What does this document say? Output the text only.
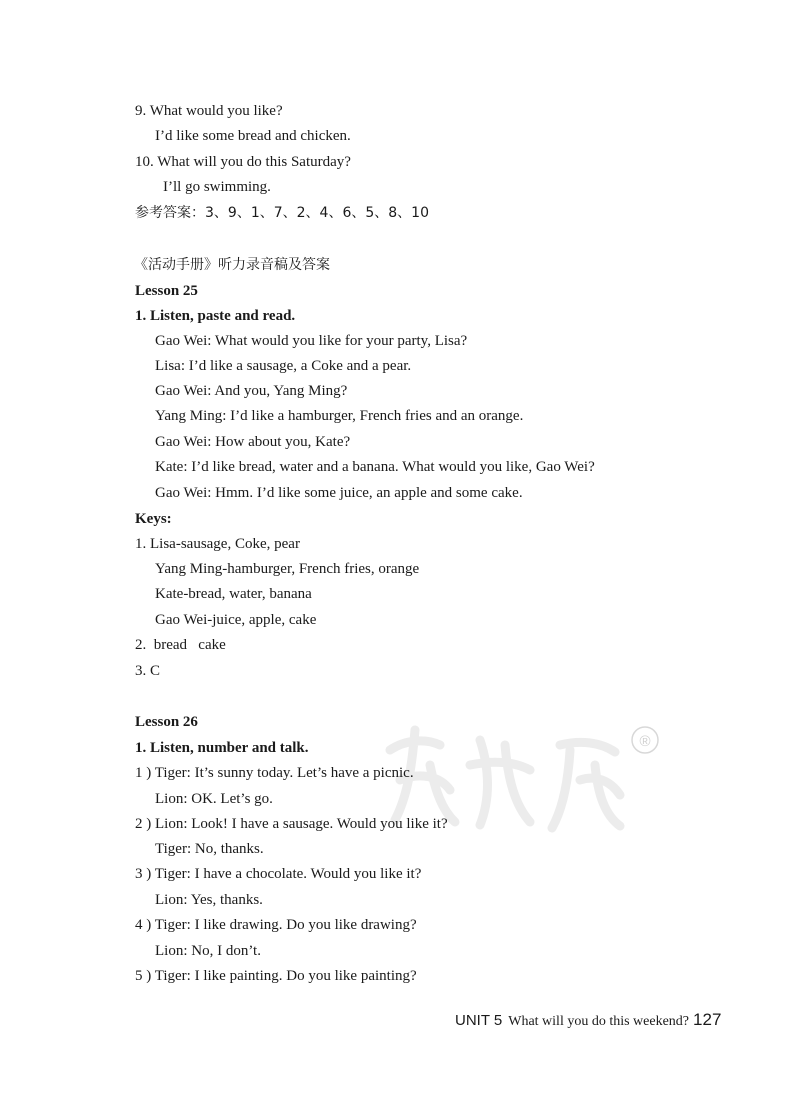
®
9. What would you like?
I’d like some bread and chicken.
10. What will you do this Saturday?
I’ll go swimming.
参考答案：3、9、1、7、2、4、6、5、8、10
《活动手册》听力录音稿及答案
Lesson 25
1. Listen, paste and read.
Gao Wei: What would you like for your party, Lisa?
Lisa: I’d like a sausage, a Coke and a pear.
Gao Wei: And you, Yang Ming?
Yang Ming: I’d like a hamburger, French fries and an orange.
Gao Wei: How about you, Kate?
Kate: I’d like bread, water and a banana. What would you like, Gao Wei?
Gao Wei: Hmm. I’d like some juice, an apple and some cake.
Keys:
1. Lisa-sausage, Coke, pear
Yang Ming-hamburger, French fries, orange
Kate-bread, water, banana
Gao Wei-juice, apple, cake
2.  bread   cake
3. C
Lesson 26
1. Listen, number and talk.
1 ) Tiger: It’s sunny today. Let’s have a picnic.
Lion: OK. Let’s go.
2 ) Lion: Look! I have a sausage. Would you like it?
Tiger: No, thanks.
3 ) Tiger: I have a chocolate. Would you like it?
Lion: Yes, thanks.
4 ) Tiger: I like drawing. Do you like drawing?
Lion: No, I don’t.
5 ) Tiger: I like painting. Do you like painting?
UNIT 5 What will you do this weekend? 127
